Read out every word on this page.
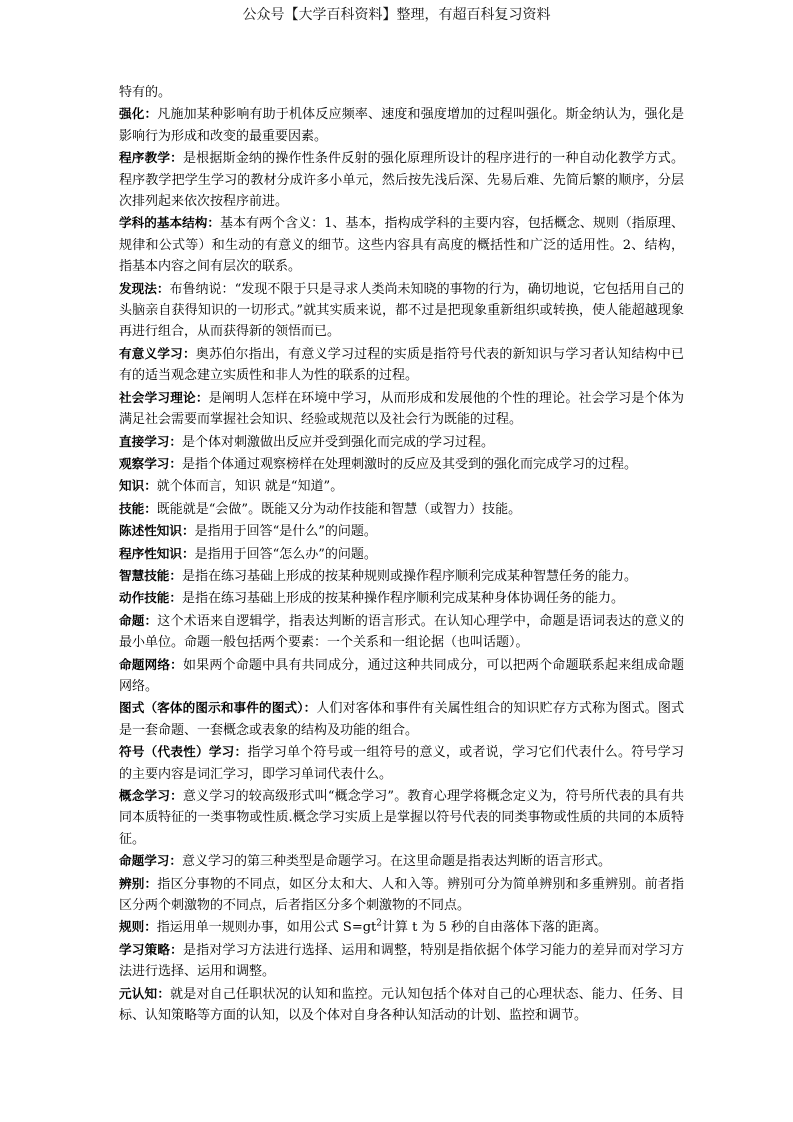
公众号【大学百科资料】整理，有超百科复习资料

特有的。

强化：凡施加某种影响有助于机体反应频率、速度和强度增加的过程叫强化。斯金纳认为，强化是影响行为形成和改变的最重要因素。

程序教学：是根据斯金纳的操作性条件反射的强化原理所设计的程序进行的一种自动化教学方式。程序教学把学生学习的教材分成许多小单元，然后按先浅后深、先易后难、先简后繁的顺序，分层次排列起来依次按程序前进。

学科的基本结构：基本有两个含义：1、基本，指构成学科的主要内容，包括概念、规则（指原理、规律和公式等）和生动的有意义的细节。这些内容具有高度的概括性和广泛的适用性。2、结构，指基本内容之间有层次的联系。

发现法：布鲁纳说：“发现不限于只是寻求人类尚未知晓的事物的行为，确切地说，它包括用自己的头脑亲自获得知识的一切形式。”就其实质来说，都不过是把现象重新组织或转换，使人能超越现象再进行组合，从而获得新的领悟而已。

有意义学习：奥苏伯尔指出，有意义学习过程的实质是指符号代表的新知识与学习者认知结构中已有的适当观念建立实质性和非人为性的联系的过程。

社会学习理论：是阐明人怎样在环境中学习，从而形成和发展他的个性的理论。社会学习是个体为满足社会需要而掌握社会知识、经验或规范以及社会行为既能的过程。

直接学习：是个体对刺激做出反应并受到强化而完成的学习过程。

观察学习：是指个体通过观察榜样在处理刺激时的反应及其受到的强化而完成学习的过程。

知识：就个体而言，知识 就是“知道”。

技能：既能就是“会做”。既能又分为动作技能和智慧（或智力）技能。

陈述性知识：是指用于回答“是什么”的问题。

程序性知识：是指用于回答“怎么办”的问题。

智慧技能：是指在练习基础上形成的按某种规则或操作程序顺利完成某种智慧任务的能力。

动作技能：是指在练习基础上形成的按某种操作程序顺利完成某种身体协调任务的能力。

命题：这个术语来自逻辑学，指表达判断的语言形式。在认知心理学中，命题是语词表达的意义的最小单位。命题一般包括两个要素：一个关系和一组论据（也叫话题）。

命题网络：如果两个命题中具有共同成分，通过这种共同成分，可以把两个命题联系起来组成命题网络。

图式（客体的图示和事件的图式）：人们对客体和事件有关属性组合的知识贮存方式称为图式。图式是一套命题、一套概念或表象的结构及功能的组合。

符号（代表性）学习：指学习单个符号或一组符号的意义，或者说，学习它们代表什么。符号学习的主要内容是词汇学习，即学习单词代表什么。

概念学习：意义学习的较高级形式叫“概念学习”。教育心理学将概念定义为，符号所代表的具有共同本质特征的一类事物或性质.概念学习实质上是掌握以符号代表的同类事物或性质的共同的本质特征。

命题学习：意义学习的第三种类型是命题学习。在这里命题是指表达判断的语言形式。

辨别：指区分事物的不同点，如区分太和大、人和入等。辨别可分为简单辨别和多重辨别。前者指区分两个刺激物的不同点，后者指区分多个刺激物的不同点。

规则：指运用单一规则办事，如用公式 $S=gt^2$计算 t 为 5 秒的自由落体下落的距离。

学习策略：是指对学习方法进行选择、运用和调整，特别是指依据个体学习能力的差异而对学习方法进行选择、运用和调整。

元认知：就是对自己任职状况的认知和监控。元认知包括个体对自己的心理状态、能力、任务、目标、认知策略等方面的认知，以及个体对自身各种认知活动的计划、监控和调节。
